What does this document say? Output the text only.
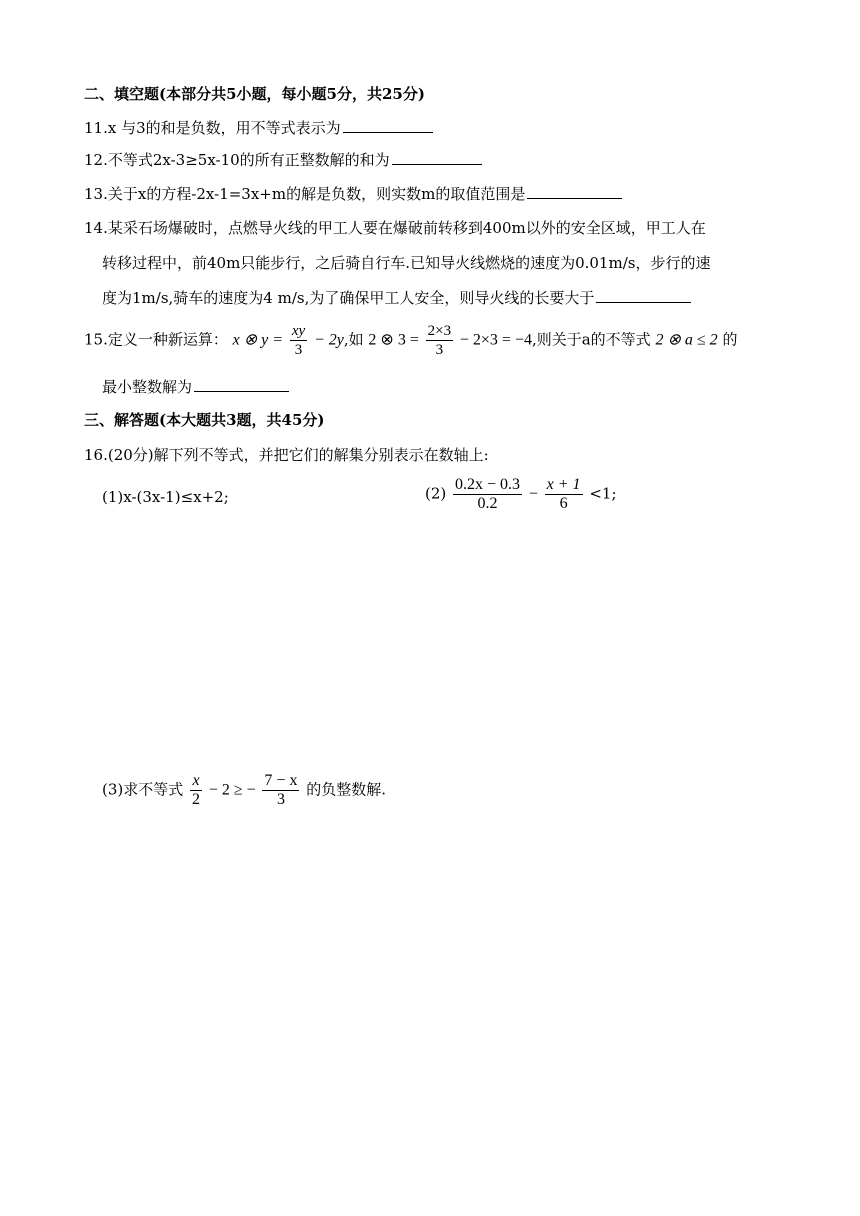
二、填空题(本部分共5小题，每小题5分，共25分)
11.x 与3的和是负数，用不等式表示为
12.不等式2x-3≥5x-10的所有正整数解的和为
13.关于x的方程-2x-1=3x+m的解是负数，则实数m的取值范围是
14.某采石场爆破时，点燃导火线的甲工人要在爆破前转移到400m以外的安全区域，甲工人在
转移过程中，前40m只能步行，之后骑自行车.已知导火线燃烧的速度为0.01m/s，步行的速
度为1m/s,骑车的速度为4 m/s,为了确保甲工人安全，则导火线的长要大于
15.定义一种新运算： x ⊗ $y = \frac{xy}{3} - 2y$,如 2 ⊗ $3 = \frac{2\times 3}{3} - 2\times 3 = -4$,则关于a的不等式 2 ⊗ a ≤ 2 的
最小整数解为
三、解答题(本大题共3题，共45分)
16.(20分)解下列不等式，并把它们的解集分别表示在数轴上:
(1)x-(3x-1)≤x+2;	$(2) \frac{0.2x - 0.3}{0.2} - \frac{x + 1}{6} <1$;
(3)求不等式 $\frac{x}{2} - 2$ ≥ − $\frac{7 - x}{3}$ 的负整数解.
